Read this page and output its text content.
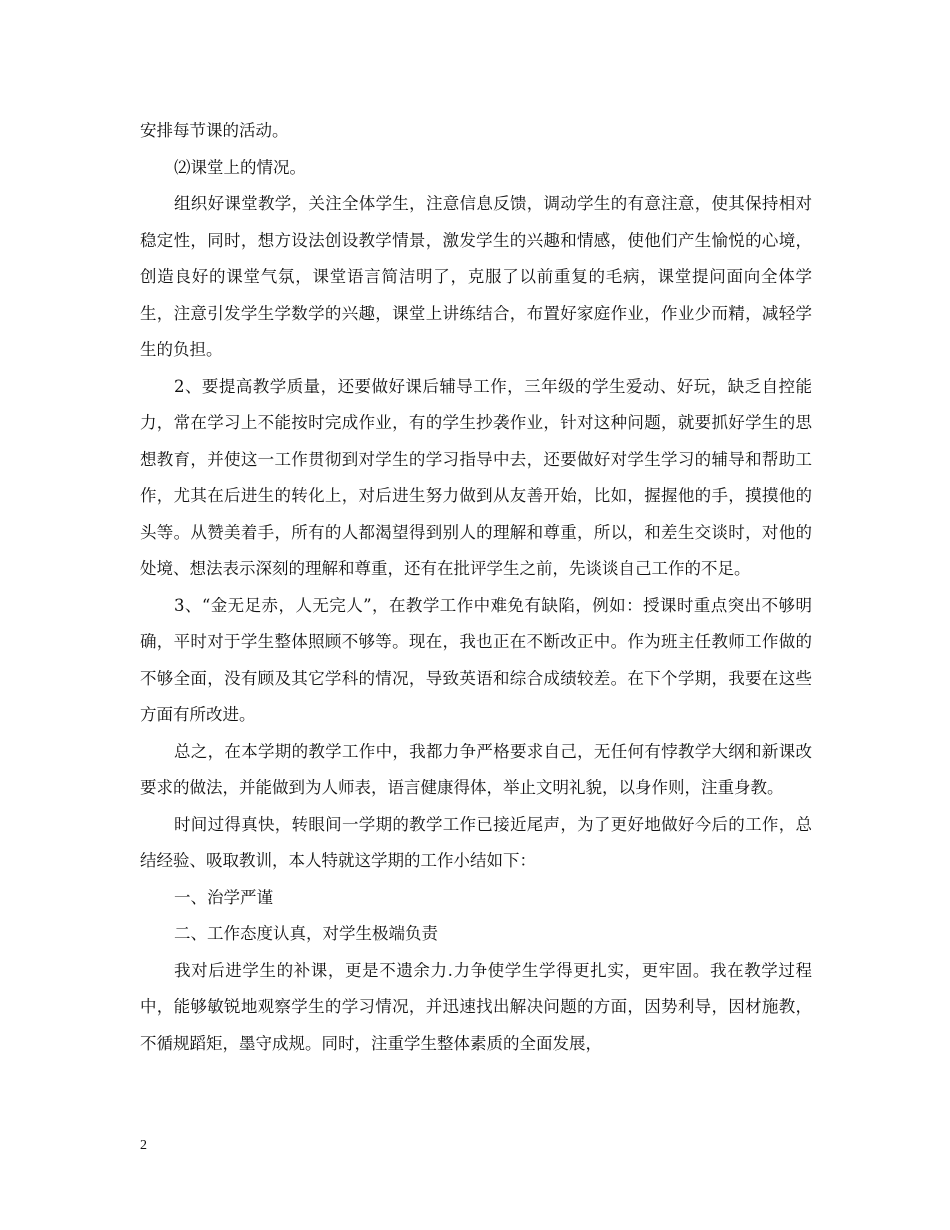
安排每节课的活动。

⑵课堂上的情况。

组织好课堂教学，关注全体学生，注意信息反馈，调动学生的有意注意，使其保持相对稳定性，同时，想方设法创设教学情景，激发学生的兴趣和情感，使他们产生愉悦的心境，创造良好的课堂气氛，课堂语言简洁明了，克服了以前重复的毛病，课堂提问面向全体学生，注意引发学生学数学的兴趣，课堂上讲练结合，布置好家庭作业，作业少而精，减轻学生的负担。

2、要提高教学质量，还要做好课后辅导工作，三年级的学生爱动、好玩，缺乏自控能力，常在学习上不能按时完成作业，有的学生抄袭作业，针对这种问题，就要抓好学生的思想教育，并使这一工作贯彻到对学生的学习指导中去，还要做好对学生学习的辅导和帮助工作，尤其在后进生的转化上，对后进生努力做到从友善开始，比如，握握他的手，摸摸他的头等。从赞美着手，所有的人都渴望得到别人的理解和尊重，所以，和差生交谈时，对他的处境、想法表示深刻的理解和尊重，还有在批评学生之前，先谈谈自己工作的不足。

3、“金无足赤，人无完人”，在教学工作中难免有缺陷，例如：授课时重点突出不够明确，平时对于学生整体照顾不够等。现在，我也正在不断改正中。作为班主任教师工作做的不够全面，没有顾及其它学科的情况，导致英语和综合成绩较差。在下个学期，我要在这些方面有所改进。

总之，在本学期的教学工作中，我都力争严格要求自己，无任何有悖教学大纲和新课改要求的做法，并能做到为人师表，语言健康得体，举止文明礼貌，以身作则，注重身教。

时间过得真快，转眼间一学期的教学工作已接近尾声，为了更好地做好今后的工作，总结经验、吸取教训，本人特就这学期的工作小结如下：

一、治学严谨

二、工作态度认真，对学生极端负责

我对后进学生的补课，更是不遗余力.力争使学生学得更扎实，更牢固。我在教学过程中，能够敏锐地观察学生的学习情况，并迅速找出解决问题的方面，因势利导，因材施教，不循规蹈矩，墨守成规。同时，注重学生整体素质的全面发展，

2
